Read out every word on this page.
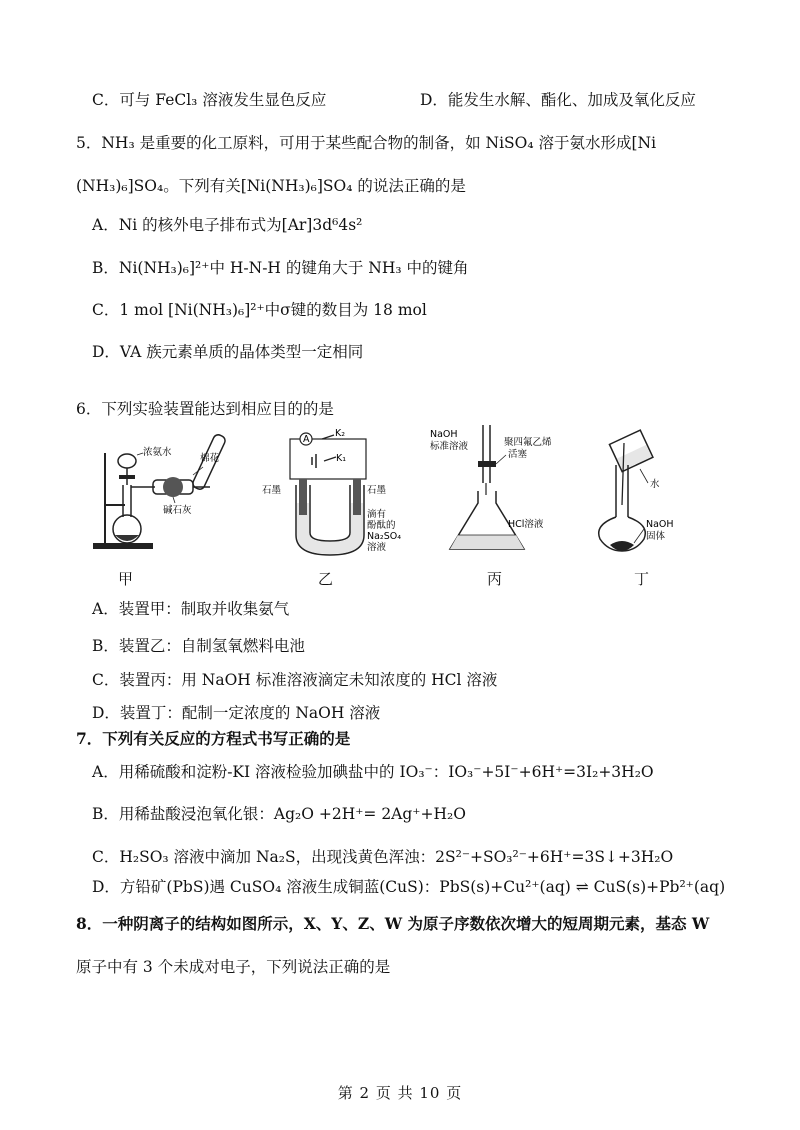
C．可与 FeCl₃ 溶液发生显色反应	D．能发生水解、酯化、加成及氧化反应
5．NH₃ 是重要的化工原料，可用于某些配合物的制备，如 NiSO₄ 溶于氨水形成[Ni
(NH₃)₆]SO₄。下列有关[Ni(NH₃)₆]SO₄ 的说法正确的是
A．Ni 的核外电子排布式为[Ar]3d⁶4s²
B．Ni(NH₃)₆]²⁺中 H-N-H 的键角大于 NH₃ 中的键角
C．1 mol [Ni(NH₃)₆]²⁺中σ键的数目为 18 mol
D．VA 族元素单质的晶体类型一定相同
6．下列实验装置能达到相应目的的是
浓氨水
棉花
碱石灰
甲
A
K₂
K₁
石墨	石墨
滴有
酚酞的
Na₂SO₄
溶液
乙
NaOH
标准溶液	聚四氟乙烯
活塞
HCl溶液
丙
水
NaOH
固体
丁
A．装置甲：制取并收集氨气
B．装置乙：自制氢氧燃料电池
C．装置丙：用 NaOH 标准溶液滴定未知浓度的 HCl 溶液
D．装置丁：配制一定浓度的 NaOH 溶液
7．下列有关反应的方程式书写正确的是
A．用稀硫酸和淀粉-KI 溶液检验加碘盐中的 IO₃⁻：IO₃⁻+5I⁻+6H⁺=3I₂+3H₂O
B．用稀盐酸浸泡氧化银：Ag₂O +2H⁺= 2Ag⁺+H₂O
C．H₂SO₃ 溶液中滴加 Na₂S，出现浅黄色浑浊：2S²⁻+SO₃²⁻+6H⁺=3S↓+3H₂O
D．方铅矿(PbS)遇 CuSO₄ 溶液生成铜蓝(CuS)：PbS(s)+Cu²⁺(aq) ⇌ CuS(s)+Pb²⁺(aq)
8．一种阴离子的结构如图所示，X、Y、Z、W 为原子序数依次增大的短周期元素，基态 W
原子中有 3 个未成对电子，下列说法正确的是
第 2 页 共 10 页
